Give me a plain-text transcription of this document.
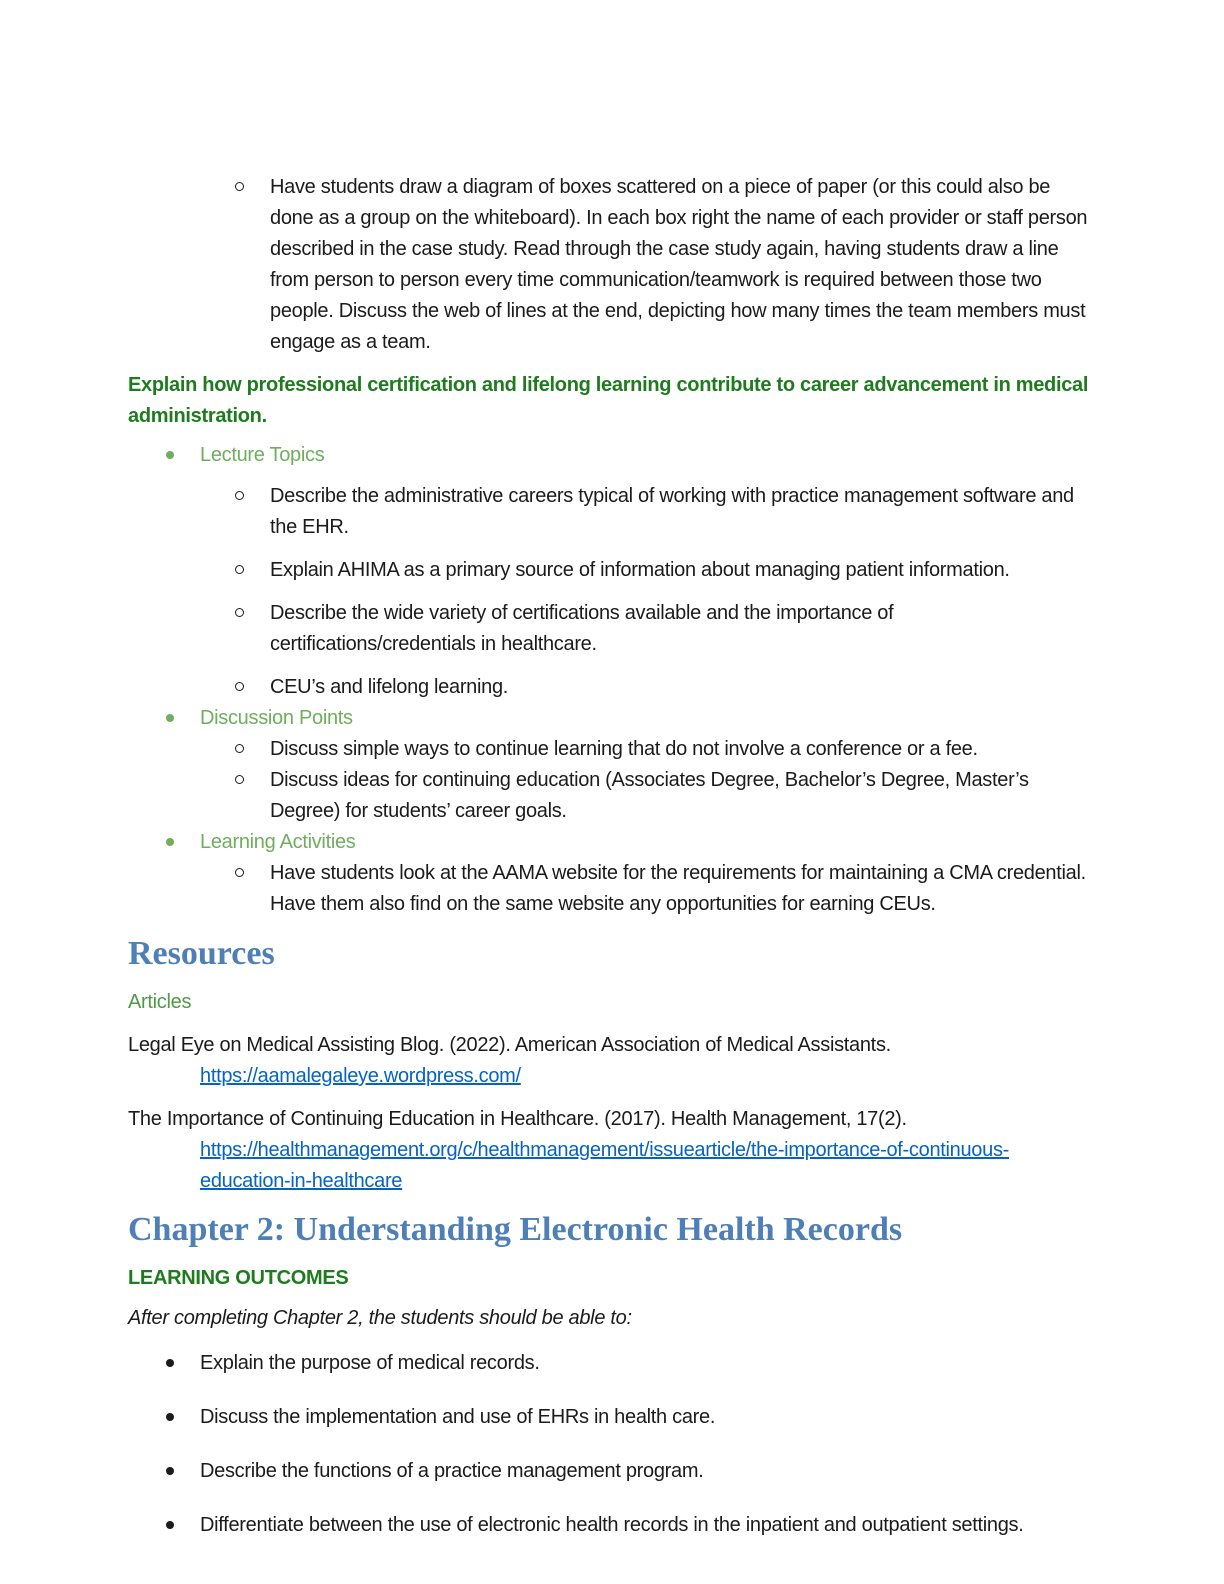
Have students draw a diagram of boxes scattered on a piece of paper (or this could also be done as a group on the whiteboard). In each box right the name of each provider or staff person described in the case study. Read through the case study again, having students draw a line from person to person every time communication/teamwork is required between those two people. Discuss the web of lines at the end, depicting how many times the team members must engage as a team.
Explain how professional certification and lifelong learning contribute to career advancement in medical administration.
Lecture Topics
Describe the administrative careers typical of working with practice management software and the EHR.
Explain AHIMA as a primary source of information about managing patient information.
Describe the wide variety of certifications available and the importance of certifications/credentials in healthcare.
CEU’s and lifelong learning.
Discussion Points
Discuss simple ways to continue learning that do not involve a conference or a fee.
Discuss ideas for continuing education (Associates Degree, Bachelor’s Degree, Master’s Degree) for students’ career goals.
Learning Activities
Have students look at the AAMA website for the requirements for maintaining a CMA credential. Have them also find on the same website any opportunities for earning CEUs.
Resources
Articles
Legal Eye on Medical Assisting Blog. (2022). American Association of Medical Assistants.
https://aamalegaleye.wordpress.com/
The Importance of Continuing Education in Healthcare. (2017). Health Management, 17(2).
https://healthmanagement.org/c/healthmanagement/issuearticle/the-importance-of-continuous-education-in-healthcare
Chapter 2: Understanding Electronic Health Records
LEARNING OUTCOMES
After completing Chapter 2, the students should be able to:
Explain the purpose of medical records.
Discuss the implementation and use of EHRs in health care.
Describe the functions of a practice management program.
Differentiate between the use of electronic health records in the inpatient and outpatient settings.
